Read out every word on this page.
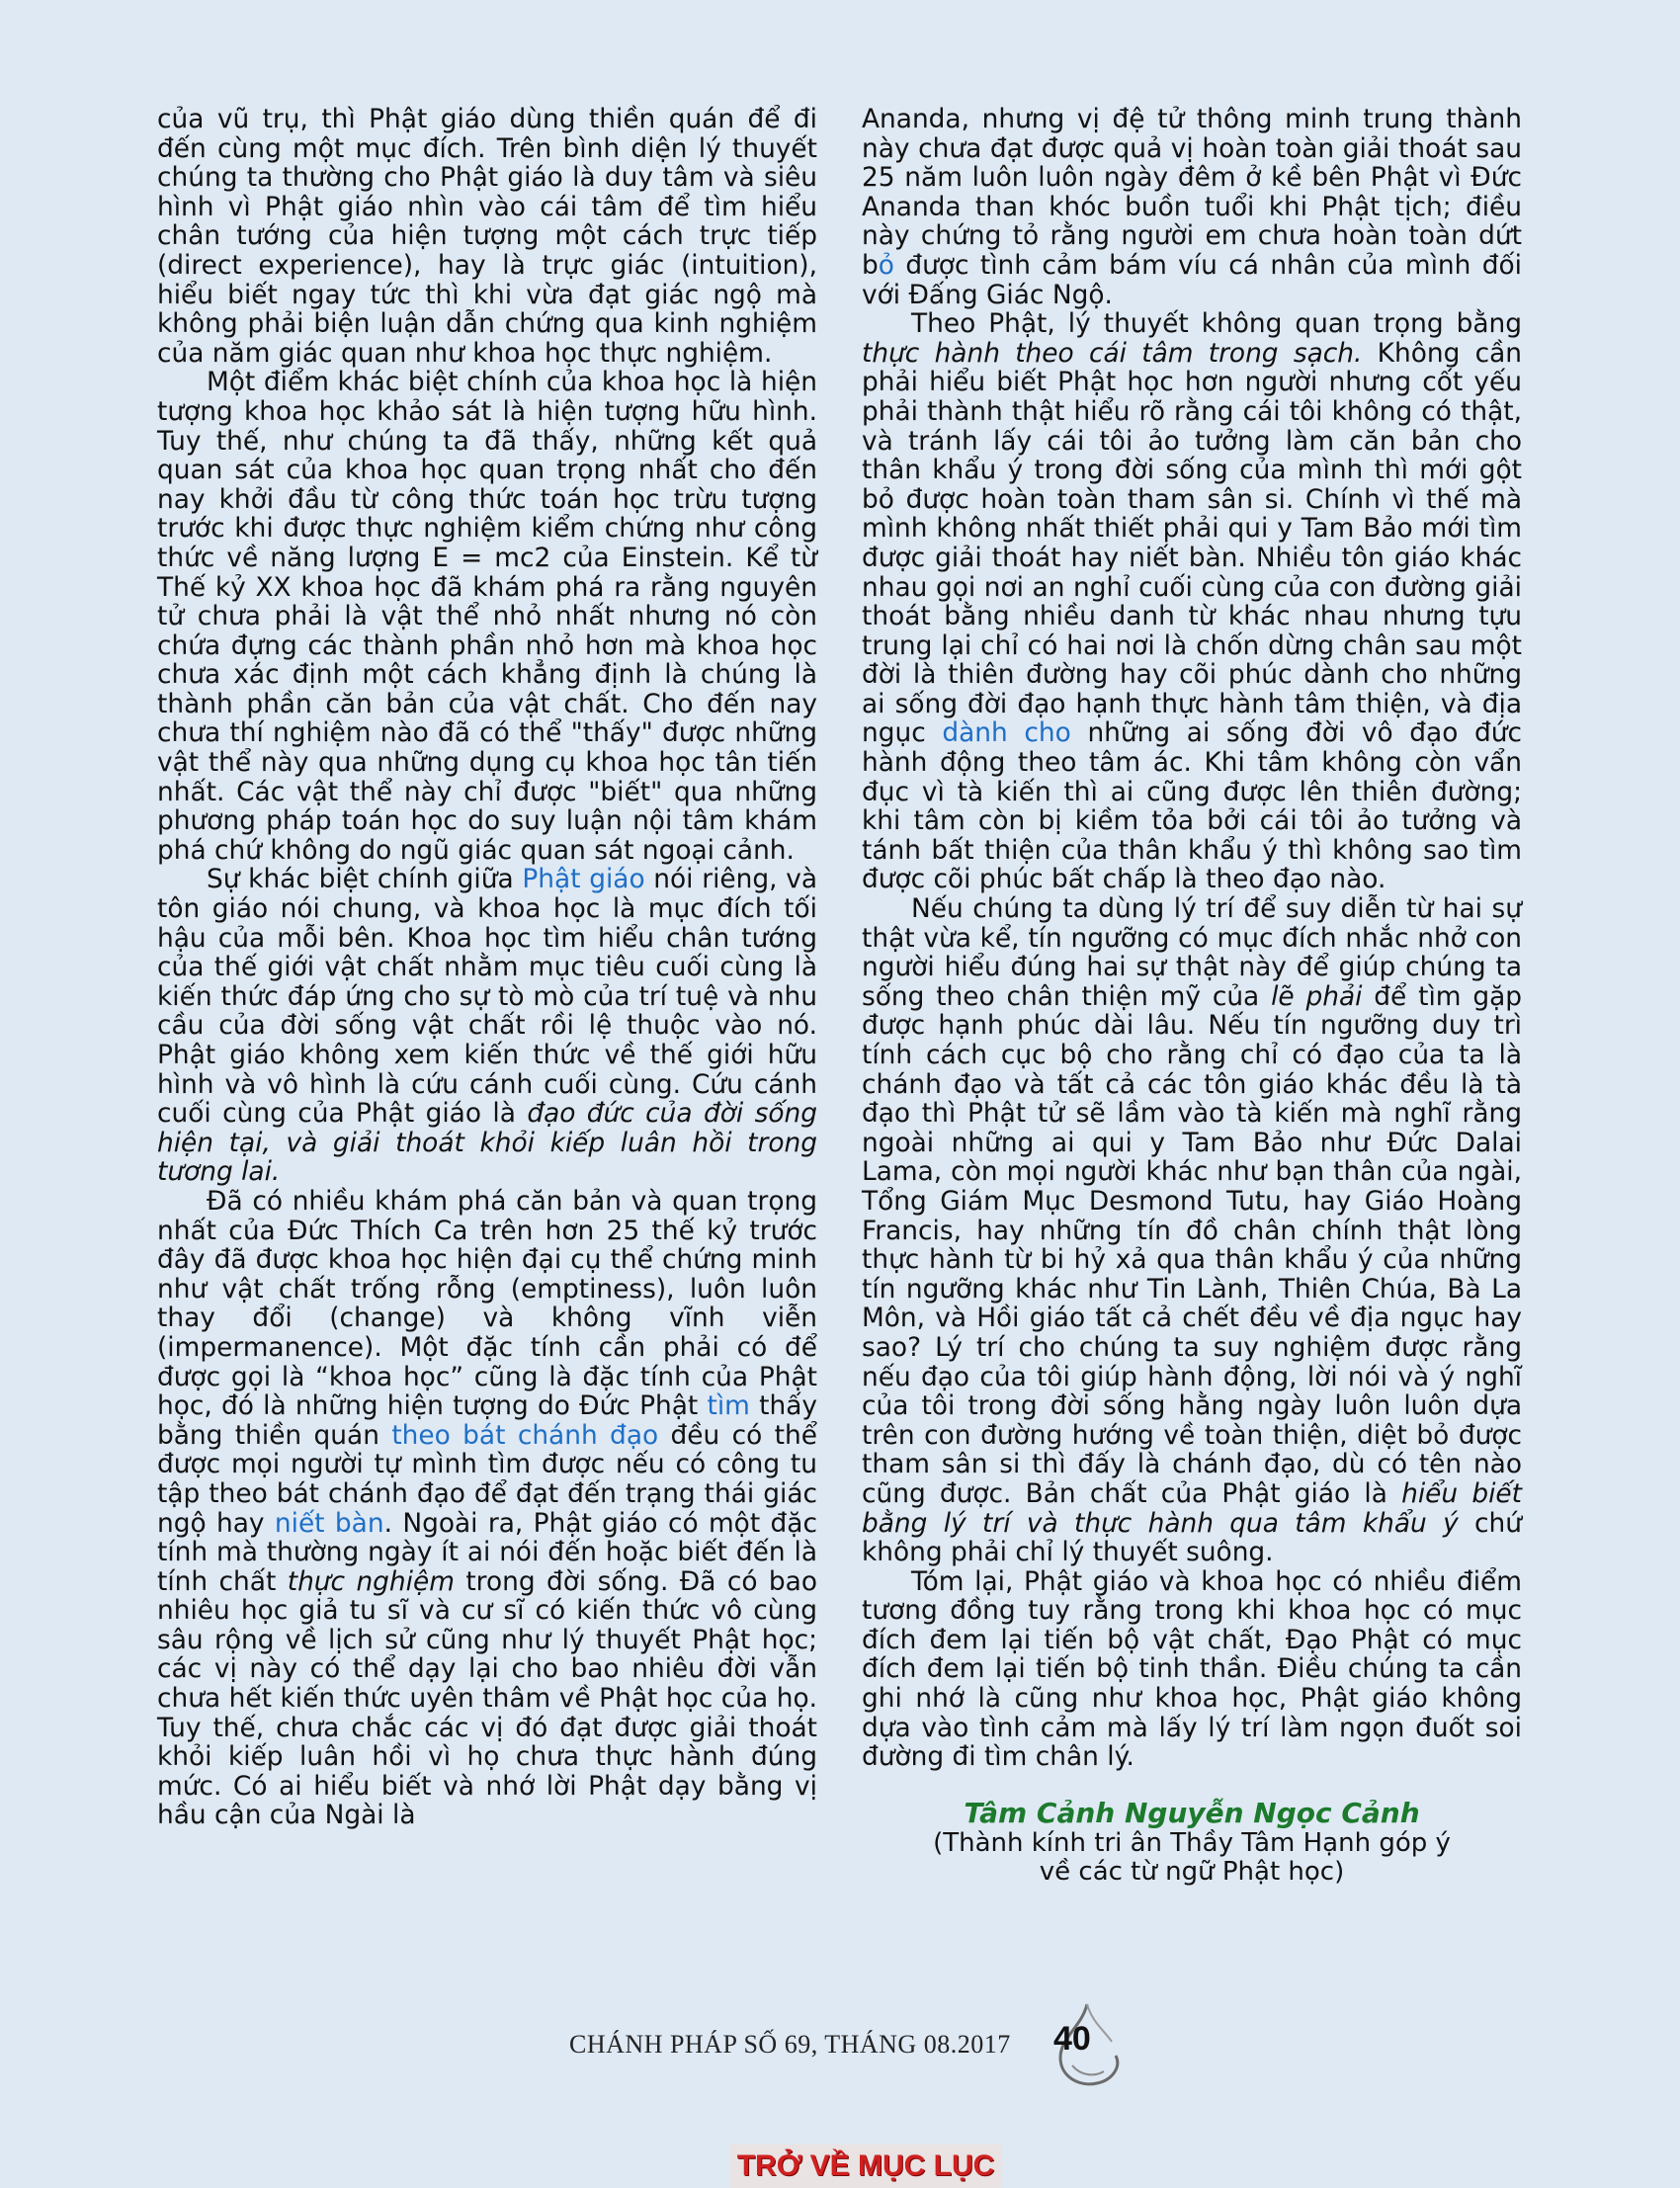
của vũ trụ, thì Phật giáo dùng thiền quán để đi đến cùng một mục đích. Trên bình diện lý thuyết chúng ta thường cho Phật giáo là duy tâm và siêu hình vì Phật giáo nhìn vào cái tâm để tìm hiểu chân tướng của hiện tượng một cách trực tiếp (direct experience), hay là trực giác (intuition), hiểu biết ngay tức thì khi vừa đạt giác ngộ mà không phải biện luận dẫn chứng qua kinh nghiệm của năm giác quan như khoa học thực nghiệm.

Một điểm khác biệt chính của khoa học là hiện tượng khoa học khảo sát là hiện tượng hữu hình. Tuy thế, như chúng ta đã thấy, những kết quả quan sát của khoa học quan trọng nhất cho đến nay khởi đầu từ công thức toán học trừu tượng trước khi được thực nghiệm kiểm chứng như công thức về năng lượng E = mc2 của Einstein. Kể từ Thế kỷ XX khoa học đã khám phá ra rằng nguyên tử chưa phải là vật thể nhỏ nhất nhưng nó còn chứa đựng các thành phần nhỏ hơn mà khoa học chưa xác định một cách khẳng định là chúng là thành phần căn bản của vật chất. Cho đến nay chưa thí nghiệm nào đã có thể "thấy" được những vật thể này qua những dụng cụ khoa học tân tiến nhất. Các vật thể này chỉ được "biết" qua những phương pháp toán học do suy luận nội tâm khám phá chứ không do ngũ giác quan sát ngoại cảnh.

Sự khác biệt chính giữa Phật giáo nói riêng, và tôn giáo nói chung, và khoa học là mục đích tối hậu của mỗi bên. Khoa học tìm hiểu chân tướng của thế giới vật chất nhằm mục tiêu cuối cùng là kiến thức đáp ứng cho sự tò mò của trí tuệ và nhu cầu của đời sống vật chất rồi lệ thuộc vào nó. Phật giáo không xem kiến thức về thế giới hữu hình và vô hình là cứu cánh cuối cùng. Cứu cánh cuối cùng của Phật giáo là đạo đức của đời sống hiện tại, và giải thoát khỏi kiếp luân hồi trong tương lai.

Đã có nhiều khám phá căn bản và quan trọng nhất của Đức Thích Ca trên hơn 25 thế kỷ trước đây đã được khoa học hiện đại cụ thể chứng minh như vật chất trống rỗng (emptiness), luôn luôn thay đổi (change) và không vĩnh viễn (impermanence). Một đặc tính cần phải có để được gọi là “khoa học” cũng là đặc tính của Phật học, đó là những hiện tượng do Đức Phật tìm thấy bằng thiền quán theo bát chánh đạo đều có thể được mọi người tự mình tìm được nếu có công tu tập theo bát chánh đạo để đạt đến trạng thái giác ngộ hay niết bàn. Ngoài ra, Phật giáo có một đặc tính mà thường ngày ít ai nói đến hoặc biết đến là tính chất thực nghiệm trong đời sống. Đã có bao nhiêu học giả tu sĩ và cư sĩ có kiến thức vô cùng sâu rộng về lịch sử cũng như lý thuyết Phật học; các vị này có thể dạy lại cho bao nhiêu đời vẫn chưa hết kiến thức uyên thâm về Phật học của họ. Tuy thế, chưa chắc các vị đó đạt được giải thoát khỏi kiếp luân hồi vì họ chưa thực hành đúng mức. Có ai hiểu biết và nhớ lời Phật dạy bằng vị hầu cận của Ngài là

Ananda, nhưng vị đệ tử thông minh trung thành này chưa đạt được quả vị hoàn toàn giải thoát sau 25 năm luôn luôn ngày đêm ở kề bên Phật vì Đức Ananda than khóc buồn tuổi khi Phật tịch; điều này chứng tỏ rằng người em chưa hoàn toàn dứt bỏ được tình cảm bám víu cá nhân của mình đối với Đấng Giác Ngộ.

Theo Phật, lý thuyết không quan trọng bằng thực hành theo cái tâm trong sạch. Không cần phải hiểu biết Phật học hơn người nhưng cốt yếu phải thành thật hiểu rõ rằng cái tôi không có thật, và tránh lấy cái tôi ảo tưởng làm căn bản cho thân khẩu ý trong đời sống của mình thì mới gột bỏ được hoàn toàn tham sân si. Chính vì thế mà mình không nhất thiết phải qui y Tam Bảo mới tìm được giải thoát hay niết bàn. Nhiều tôn giáo khác nhau gọi nơi an nghỉ cuối cùng của con đường giải thoát bằng nhiều danh từ khác nhau nhưng tựu trung lại chỉ có hai nơi là chốn dừng chân sau một đời là thiên đường hay cõi phúc dành cho những ai sống đời đạo hạnh thực hành tâm thiện, và địa ngục dành cho những ai sống đời vô đạo đức hành động theo tâm ác. Khi tâm không còn vẩn đục vì tà kiến thì ai cũng được lên thiên đường; khi tâm còn bị kiềm tỏa bởi cái tôi ảo tưởng và tánh bất thiện của thân khẩu ý thì không sao tìm được cõi phúc bất chấp là theo đạo nào.

Nếu chúng ta dùng lý trí để suy diễn từ hai sự thật vừa kể, tín ngưỡng có mục đích nhắc nhở con người hiểu đúng hai sự thật này để giúp chúng ta sống theo chân thiện mỹ của lẽ phải để tìm gặp được hạnh phúc dài lâu. Nếu tín ngưỡng duy trì tính cách cục bộ cho rằng chỉ có đạo của ta là chánh đạo và tất cả các tôn giáo khác đều là tà đạo thì Phật tử sẽ lầm vào tà kiến mà nghĩ rằng ngoài những ai qui y Tam Bảo như Đức Dalai Lama, còn mọi người khác như bạn thân của ngài, Tổng Giám Mục Desmond Tutu, hay Giáo Hoàng Francis, hay những tín đồ chân chính thật lòng thực hành từ bi hỷ xả qua thân khẩu ý của những tín ngưỡng khác như Tin Lành, Thiên Chúa, Bà La Môn, và Hồi giáo tất cả chết đều về địa ngục hay sao? Lý trí cho chúng ta suy nghiệm được rằng nếu đạo của tôi giúp hành động, lời nói và ý nghĩ của tôi trong đời sống hằng ngày luôn luôn dựa trên con đường hướng về toàn thiện, diệt bỏ được tham sân si thì đấy là chánh đạo, dù có tên nào cũng được. Bản chất của Phật giáo là hiểu biết bằng lý trí và thực hành qua tâm khẩu ý chứ không phải chỉ lý thuyết suông.

Tóm lại, Phật giáo và khoa học có nhiều điểm tương đồng tuy rằng trong khi khoa học có mục đích đem lại tiến bộ vật chất, Đạo Phật có mục đích đem lại tiến bộ tinh thần. Điều chúng ta cần ghi nhớ là cũng như khoa học, Phật giáo không dựa vào tình cảm mà lấy lý trí làm ngọn đuốt soi đường đi tìm chân lý.

Tâm Cảnh Nguyễn Ngọc Cảnh
(Thành kính tri ân Thầy Tâm Hạnh góp ý
về các từ ngữ Phật học)
CHÁNH PHÁP SỐ 69, THÁNG 08.2017 40
TRỞ VỀ MỤC LỤC
